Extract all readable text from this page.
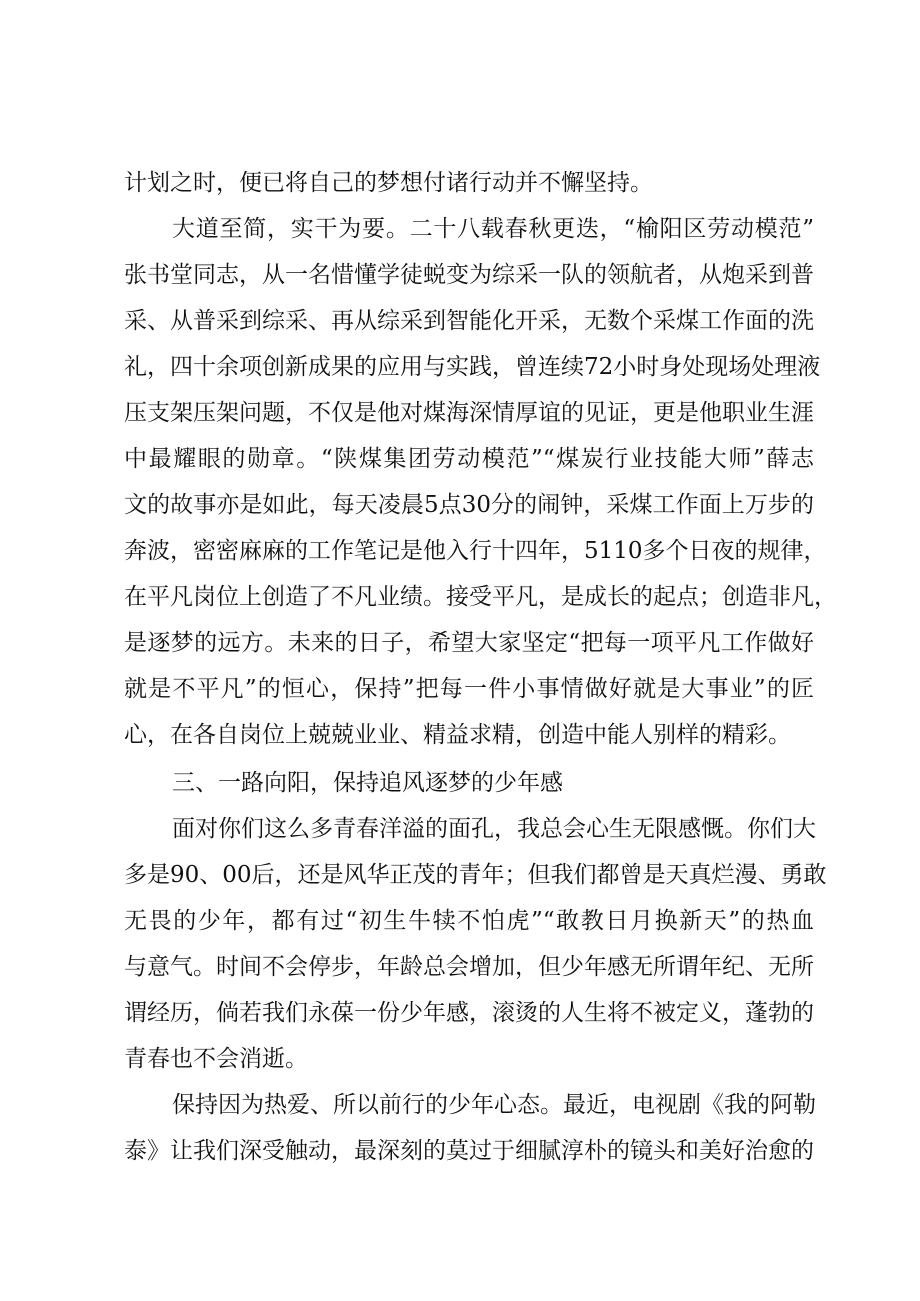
计划之时，便已将自己的梦想付诸行动并不懈坚持。
大道至简，实干为要。二十八载春秋更迭，“榆阳区劳动模范”
张书堂同志，从一名惜懂学徒蜕变为综采一队的领航者，从炮采到普
采、从普采到综采、再从综采到智能化开采，无数个采煤工作面的洗
礼，四十余项创新成果的应用与实践，曾连续72小时身处现场处理液
压支架压架问题，不仅是他对煤海深情厚谊的见证，更是他职业生涯
中最耀眼的勋章。“陕煤集团劳动模范”“煤炭行业技能大师”薛志
文的故事亦是如此，每天凌晨5点30分的闹钟，采煤工作面上万步的
奔波，密密麻麻的工作笔记是他入行十四年，5110多个日夜的规律，
在平凡岗位上创造了不凡业绩。接受平凡，是成长的起点；创造非凡，
是逐梦的远方。未来的日子，希望大家坚定“把每一项平凡工作做好
就是不平凡”的恒心，保持”把每一件小事情做好就是大事业”的匠
心，在各自岗位上兢兢业业、精益求精，创造中能人别样的精彩。
三、一路向阳，保持追风逐梦的少年感
面对你们这么多青春洋溢的面孔，我总会心生无限感慨。你们大
多是90、00后，还是风华正茂的青年；但我们都曾是天真烂漫、勇敢
无畏的少年，都有过“初生牛犊不怕虎”“敢教日月换新天”的热血
与意气。时间不会停步，年龄总会增加，但少年感无所谓年纪、无所
谓经历，倘若我们永葆一份少年感，滚烫的人生将不被定义，蓬勃的
青春也不会消逝。
保持因为热爱、所以前行的少年心态。最近，电视剧《我的阿勒
泰》让我们深受触动，最深刻的莫过于细腻淳朴的镜头和美好治愈的
